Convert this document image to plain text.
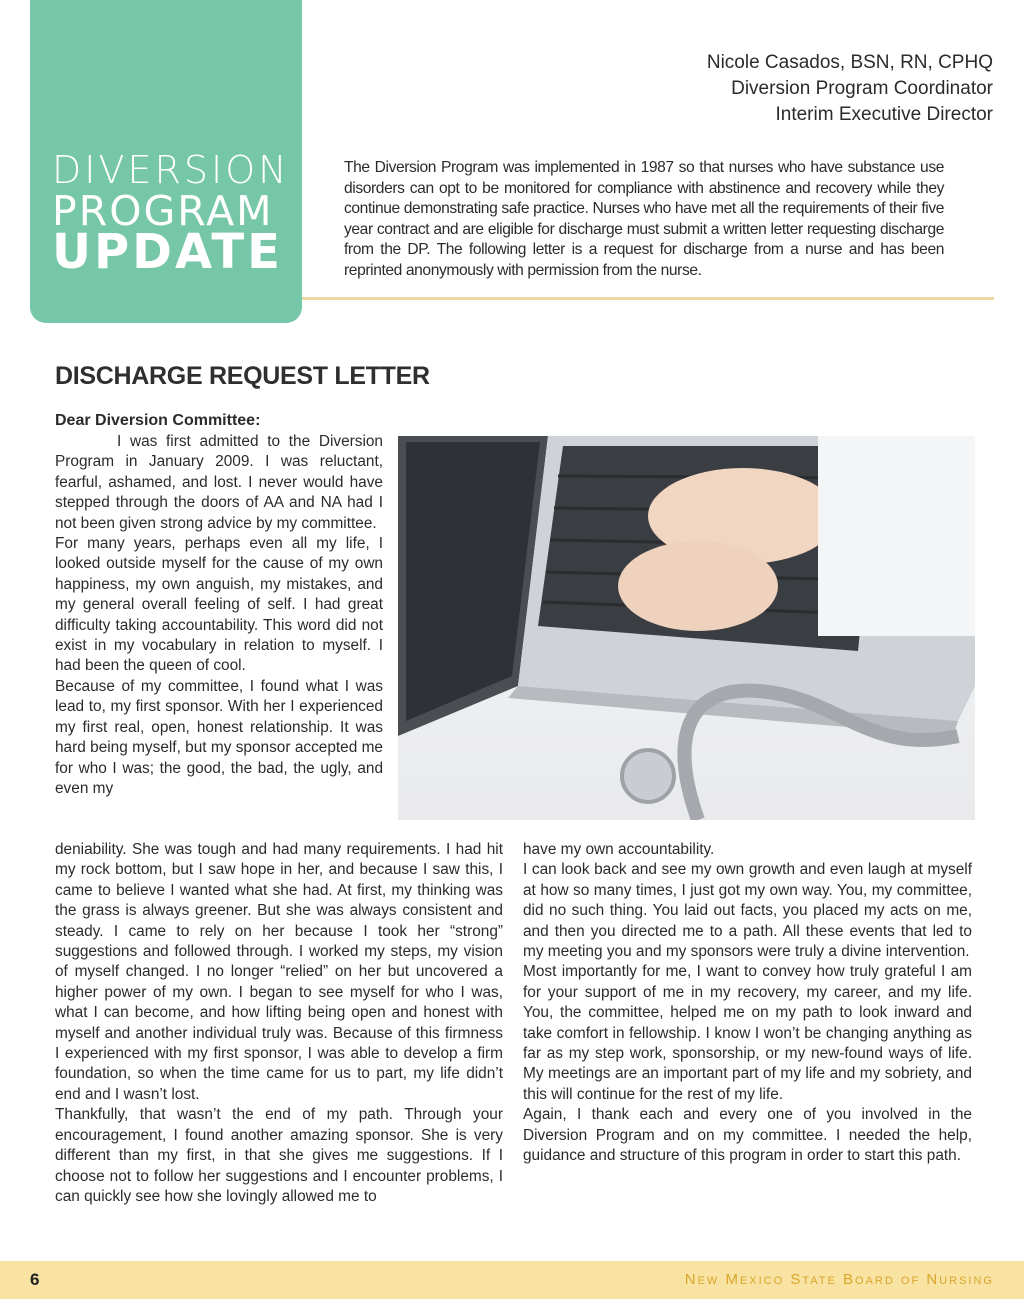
DIVERSION
PROGRAM
UPDATE
Nicole Casados, BSN, RN, CPHQ
Diversion Program Coordinator
Interim Executive Director
The Diversion Program was implemented in 1987 so that nurses who have substance use disorders can opt to be monitored for compliance with abstinence and recovery while they continue demonstrating safe practice. Nurses who have met all the requirements of their five year contract and are eligible for discharge must submit a written letter requesting discharge from the DP. The following letter is a request for discharge from a nurse and has been reprinted anonymously with permission from the nurse.
DISCHARGE REQUEST LETTER
Dear Diversion Committee:

I was first admitted to the Diversion Program in January 2009. I was reluctant, fearful, ashamed, and lost. I never would have stepped through the doors of AA and NA had I not been given strong advice by my committee.

For many years, perhaps even all my life, I looked outside myself for the cause of my own happiness, my own anguish, my mistakes, and my general overall feeling of self. I had great difficulty taking accountability. This word did not exist in my vocabulary in relation to myself. I had been the queen of cool.

Because of my committee, I found what I was lead to, my first sponsor. With her I experienced my first real, open, honest relationship. It was hard being myself, but my sponsor accepted me for who I was; the good, the bad, the ugly, and even my

deniability. She was tough and had many requirements. I had hit my rock bottom, but I saw hope in her, and because I saw this, I came to believe I wanted what she had. At first, my thinking was the grass is always greener. But she was always consistent and steady. I came to rely on her because I took her “strong” suggestions and followed through. I worked my steps, my vision of myself changed. I no longer “relied” on her but uncovered a higher power of my own. I began to see myself for who I was, what I can become, and how lifting being open and honest with myself and another individual truly was. Because of this firmness I experienced with my first sponsor, I was able to develop a firm foundation, so when the time came for us to part, my life didn’t end and I wasn’t lost.

Thankfully, that wasn’t the end of my path. Through your encouragement, I found another amazing sponsor. She is very different than my first, in that she gives me suggestions. If I choose not to follow her suggestions and I encounter problems, I can quickly see how she lovingly allowed me to

have my own accountability.

I can look back and see my own growth and even laugh at myself at how so many times, I just got my own way. You, my committee, did no such thing. You laid out facts, you placed my acts on me, and then you directed me to a path. All these events that led to my meeting you and my sponsors were truly a divine intervention.

Most importantly for me, I want to convey how truly grateful I am for your support of me in my recovery, my career, and my life. You, the committee, helped me on my path to look inward and take comfort in fellowship. I know I won’t be changing anything as far as my step work, sponsorship, or my new-found ways of life. My meetings are an important part of my life and my sobriety, and this will continue for the rest of my life.

Again, I thank each and every one of you involved in the Diversion Program and on my committee. I needed the help, guidance and structure of this program in order to start this path.

6	New Mexico State Board of Nursing
